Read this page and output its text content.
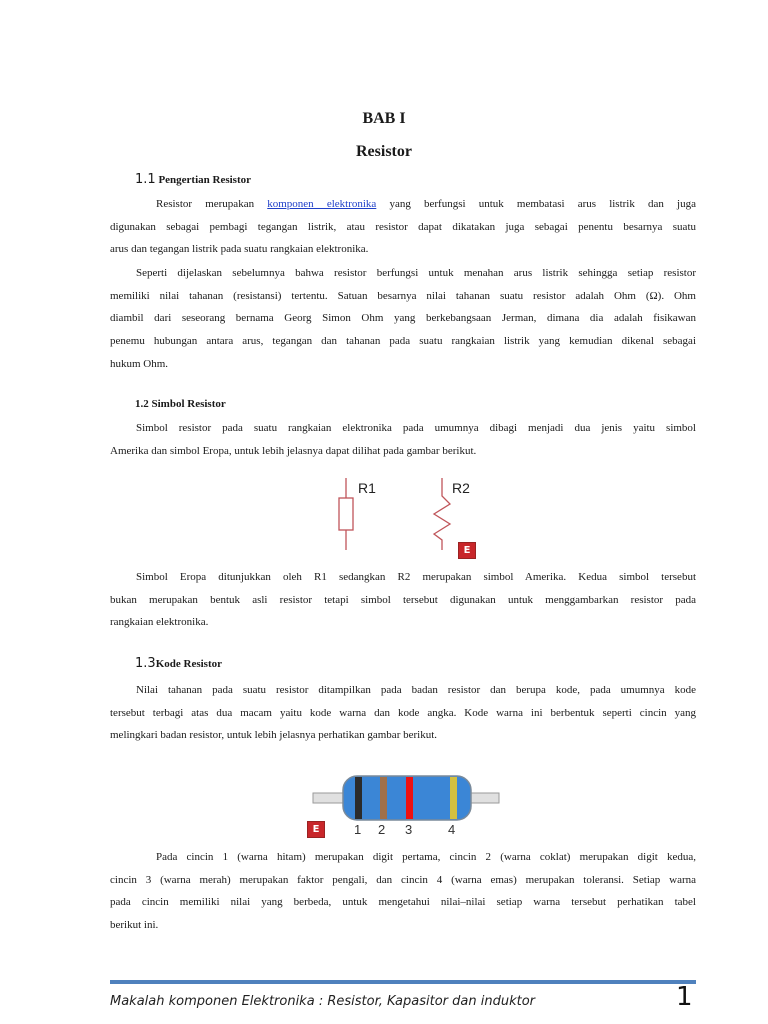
BAB I
Resistor
1.1 Pengertian Resistor
Resistor merupakan komponen elektronika yang berfungsi untuk membatasi arus listrik dan juga
digunakan sebagai pembagi tegangan listrik, atau resistor dapat dikatakan juga sebagai penentu besarnya suatu
arus dan tegangan listrik pada suatu rangkaian elektronika.
Seperti dijelaskan sebelumnya bahwa resistor berfungsi untuk menahan arus listrik sehingga setiap resistor
memiliki nilai tahanan (resistansi) tertentu. Satuan besarnya nilai tahanan suatu resistor adalah Ohm (Ω). Ohm
diambil dari seseorang bernama Georg Simon Ohm yang berkebangsaan Jerman, dimana dia adalah fisikawan
penemu hubungan antara arus, tegangan dan tahanan pada suatu rangkaian listrik yang kemudian dikenal sebagai
hukum Ohm.
1.2 Simbol Resistor
Simbol resistor pada suatu rangkaian elektronika pada umumnya dibagi menjadi dua jenis yaitu simbol
Amerika dan simbol Eropa, untuk lebih jelasnya dapat dilihat pada gambar berikut.
R1	R2
E
Simbol Eropa ditunjukkan oleh R1 sedangkan R2 merupakan simbol Amerika. Kedua simbol tersebut
bukan merupakan bentuk asli resistor tetapi simbol tersebut digunakan untuk menggambarkan resistor pada
rangkaian elektronika.
1.3Kode Resistor
Nilai tahanan pada suatu resistor ditampilkan pada badan resistor dan berupa kode, pada umumnya kode
tersebut terbagi atas dua macam yaitu kode warna dan kode angka. Kode warna ini berbentuk seperti cincin yang
melingkari badan resistor, untuk lebih jelasnya perhatikan gambar berikut.
E	1 2 3	4
Pada cincin 1 (warna hitam) merupakan digit pertama, cincin 2 (warna coklat) merupakan digit kedua,
cincin 3 (warna merah) merupakan faktor pengali, dan cincin 4 (warna emas) merupakan toleransi. Setiap warna
pada cincin memiliki nilai yang berbeda, untuk mengetahui nilai–nilai setiap warna tersebut perhatikan tabel
berikut ini.
Makalah komponen Elektronika : Resistor, Kapasitor dan induktor	1
